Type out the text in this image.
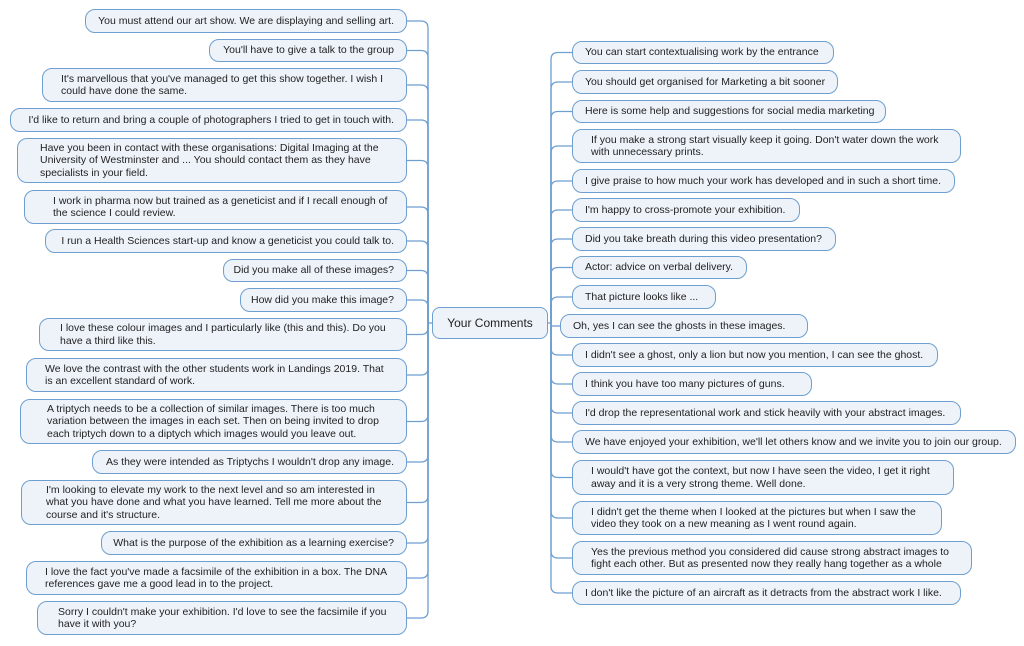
Your Comments
You must attend our art show. We are displaying and selling art.
You'll have to give a talk to the group
It's marvellous that you've managed to get this show together. I wish I could have done the same.
I'd like to return and bring a couple of photographers I tried to get in touch with.
Have you been in contact with these organisations: Digital Imaging at the University of Westminster and ... You should contact them as they have specialists in your field.
I work in pharma now but trained as a geneticist and if I recall enough of the science I could review.
I run a Health Sciences start-up and know a geneticist you could talk to.
Did you make all of these images?
How did you make this image?
I love these colour images and I particularly like (this and this). Do you have a third like this.
We love the contrast with the other students work in Landings 2019. That is an excellent standard of work.
A triptych needs to be a collection of similar images. There is too much variation between the images in each set. Then on being invited to drop each triptych down to a diptych which images would you leave out.
As they were intended as Triptychs I wouldn't drop any image.
I'm looking to elevate my work to the next level and so am interested in what you have done and what you have learned. Tell me more about the course and it's structure.
What is the purpose of the exhibition as a learning exercise?
I love the fact you've made a facsimile of the exhibition in a box. The DNA references gave me a good lead in to the project.
Sorry I couldn't make your exhibition. I'd love to see the facsimile if you have it with you?
You can start contextualising work by the entrance
You should get organised for Marketing a bit sooner
Here is some help and suggestions for social media marketing
If you make a strong start visually keep it going. Don't water down the work with unnecessary prints.
I give praise to how much your work has developed and in such a short time.
I'm happy to cross-promote your exhibition.
Did you take breath during this video presentation?
Actor: advice on verbal delivery.
That picture looks like ...
Oh, yes I can see the ghosts in these images.
I didn't see a ghost, only a lion but now you mention, I can see the ghost.
I think you have too many pictures of guns.
I'd drop the representational work and stick heavily with your abstract images.
We have enjoyed your exhibition, we'll let others know and we invite you to join our group.
I would't have got the context, but now I have seen the video, I get it right away and it is a very strong theme. Well done.
I didn't get the theme when I looked at the pictures but when I saw the video they took on a new meaning as I went round again.
Yes the previous method you considered did cause strong abstract images to fight each other. But as presented now they really hang together as a whole
I don't like the picture of an aircraft as it detracts from the abstract work I like.
